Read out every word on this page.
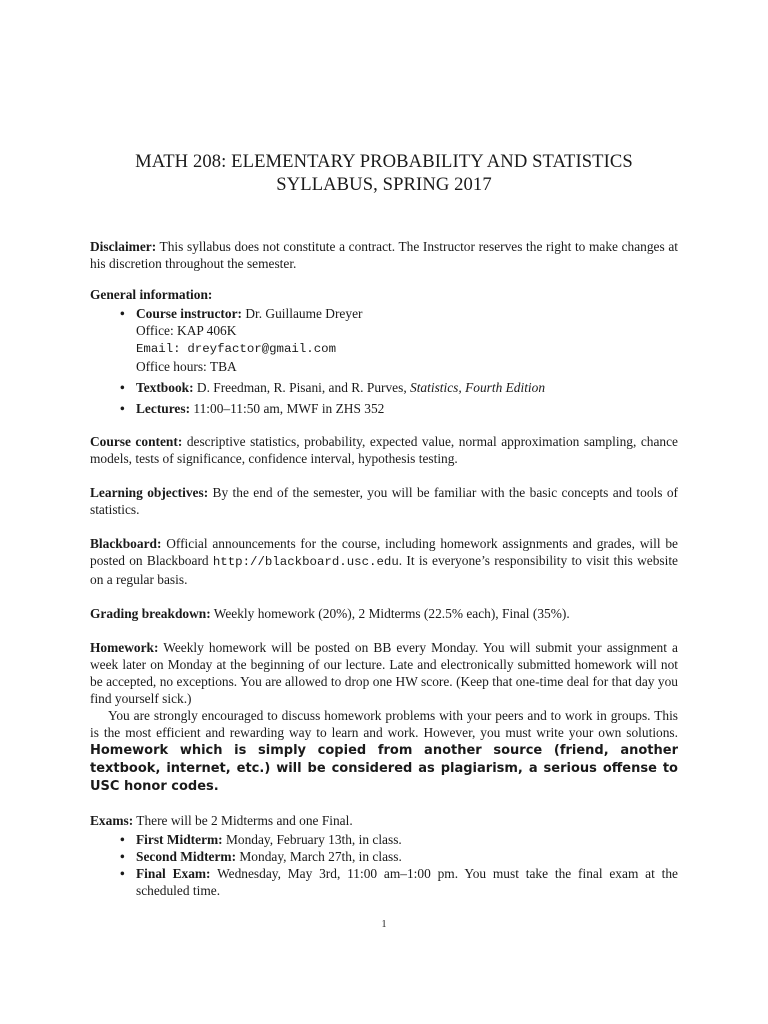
MATH 208: ELEMENTARY PROBABILITY AND STATISTICS
SYLLABUS, SPRING 2017

Disclaimer: This syllabus does not constitute a contract. The Instructor reserves the right to make changes at his discretion throughout the semester.

General information:

• Course instructor: Dr. Guillaume Dreyer
Office: KAP 406K
Email: dreyfactor@gmail.com
Office hours: TBA
• Textbook: D. Freedman, R. Pisani, and R. Purves, Statistics, Fourth Edition
• Lectures: 11:00–11:50 am, MWF in ZHS 352

Course content: descriptive statistics, probability, expected value, normal approximation sampling, chance models, tests of significance, confidence interval, hypothesis testing.

Learning objectives: By the end of the semester, you will be familiar with the basic concepts and tools of statistics.

Blackboard: Official announcements for the course, including homework assignments and grades, will be posted on Blackboard http://blackboard.usc.edu. It is everyone’s responsibility to visit this website on a regular basis.

Grading breakdown: Weekly homework (20%), 2 Midterms (22.5% each), Final (35%).

Homework: Weekly homework will be posted on BB every Monday. You will submit your assignment a week later on Monday at the beginning of our lecture. Late and electronically submitted homework will not be accepted, no exceptions. You are allowed to drop one HW score. (Keep that one-time deal for that day you find yourself sick.)

You are strongly encouraged to discuss homework problems with your peers and to work in groups. This is the most efficient and rewarding way to learn and work. However, you must write your own solutions. Homework which is simply copied from another source (friend, another textbook, internet, etc.) will be considered as plagiarism, a serious offense to USC honor codes.

Exams: There will be 2 Midterms and one Final.

• First Midterm: Monday, February 13th, in class.
• Second Midterm: Monday, March 27th, in class.
• Final Exam: Wednesday, May 3rd, 11:00 am–1:00 pm. You must take the final exam at the scheduled time.
1
